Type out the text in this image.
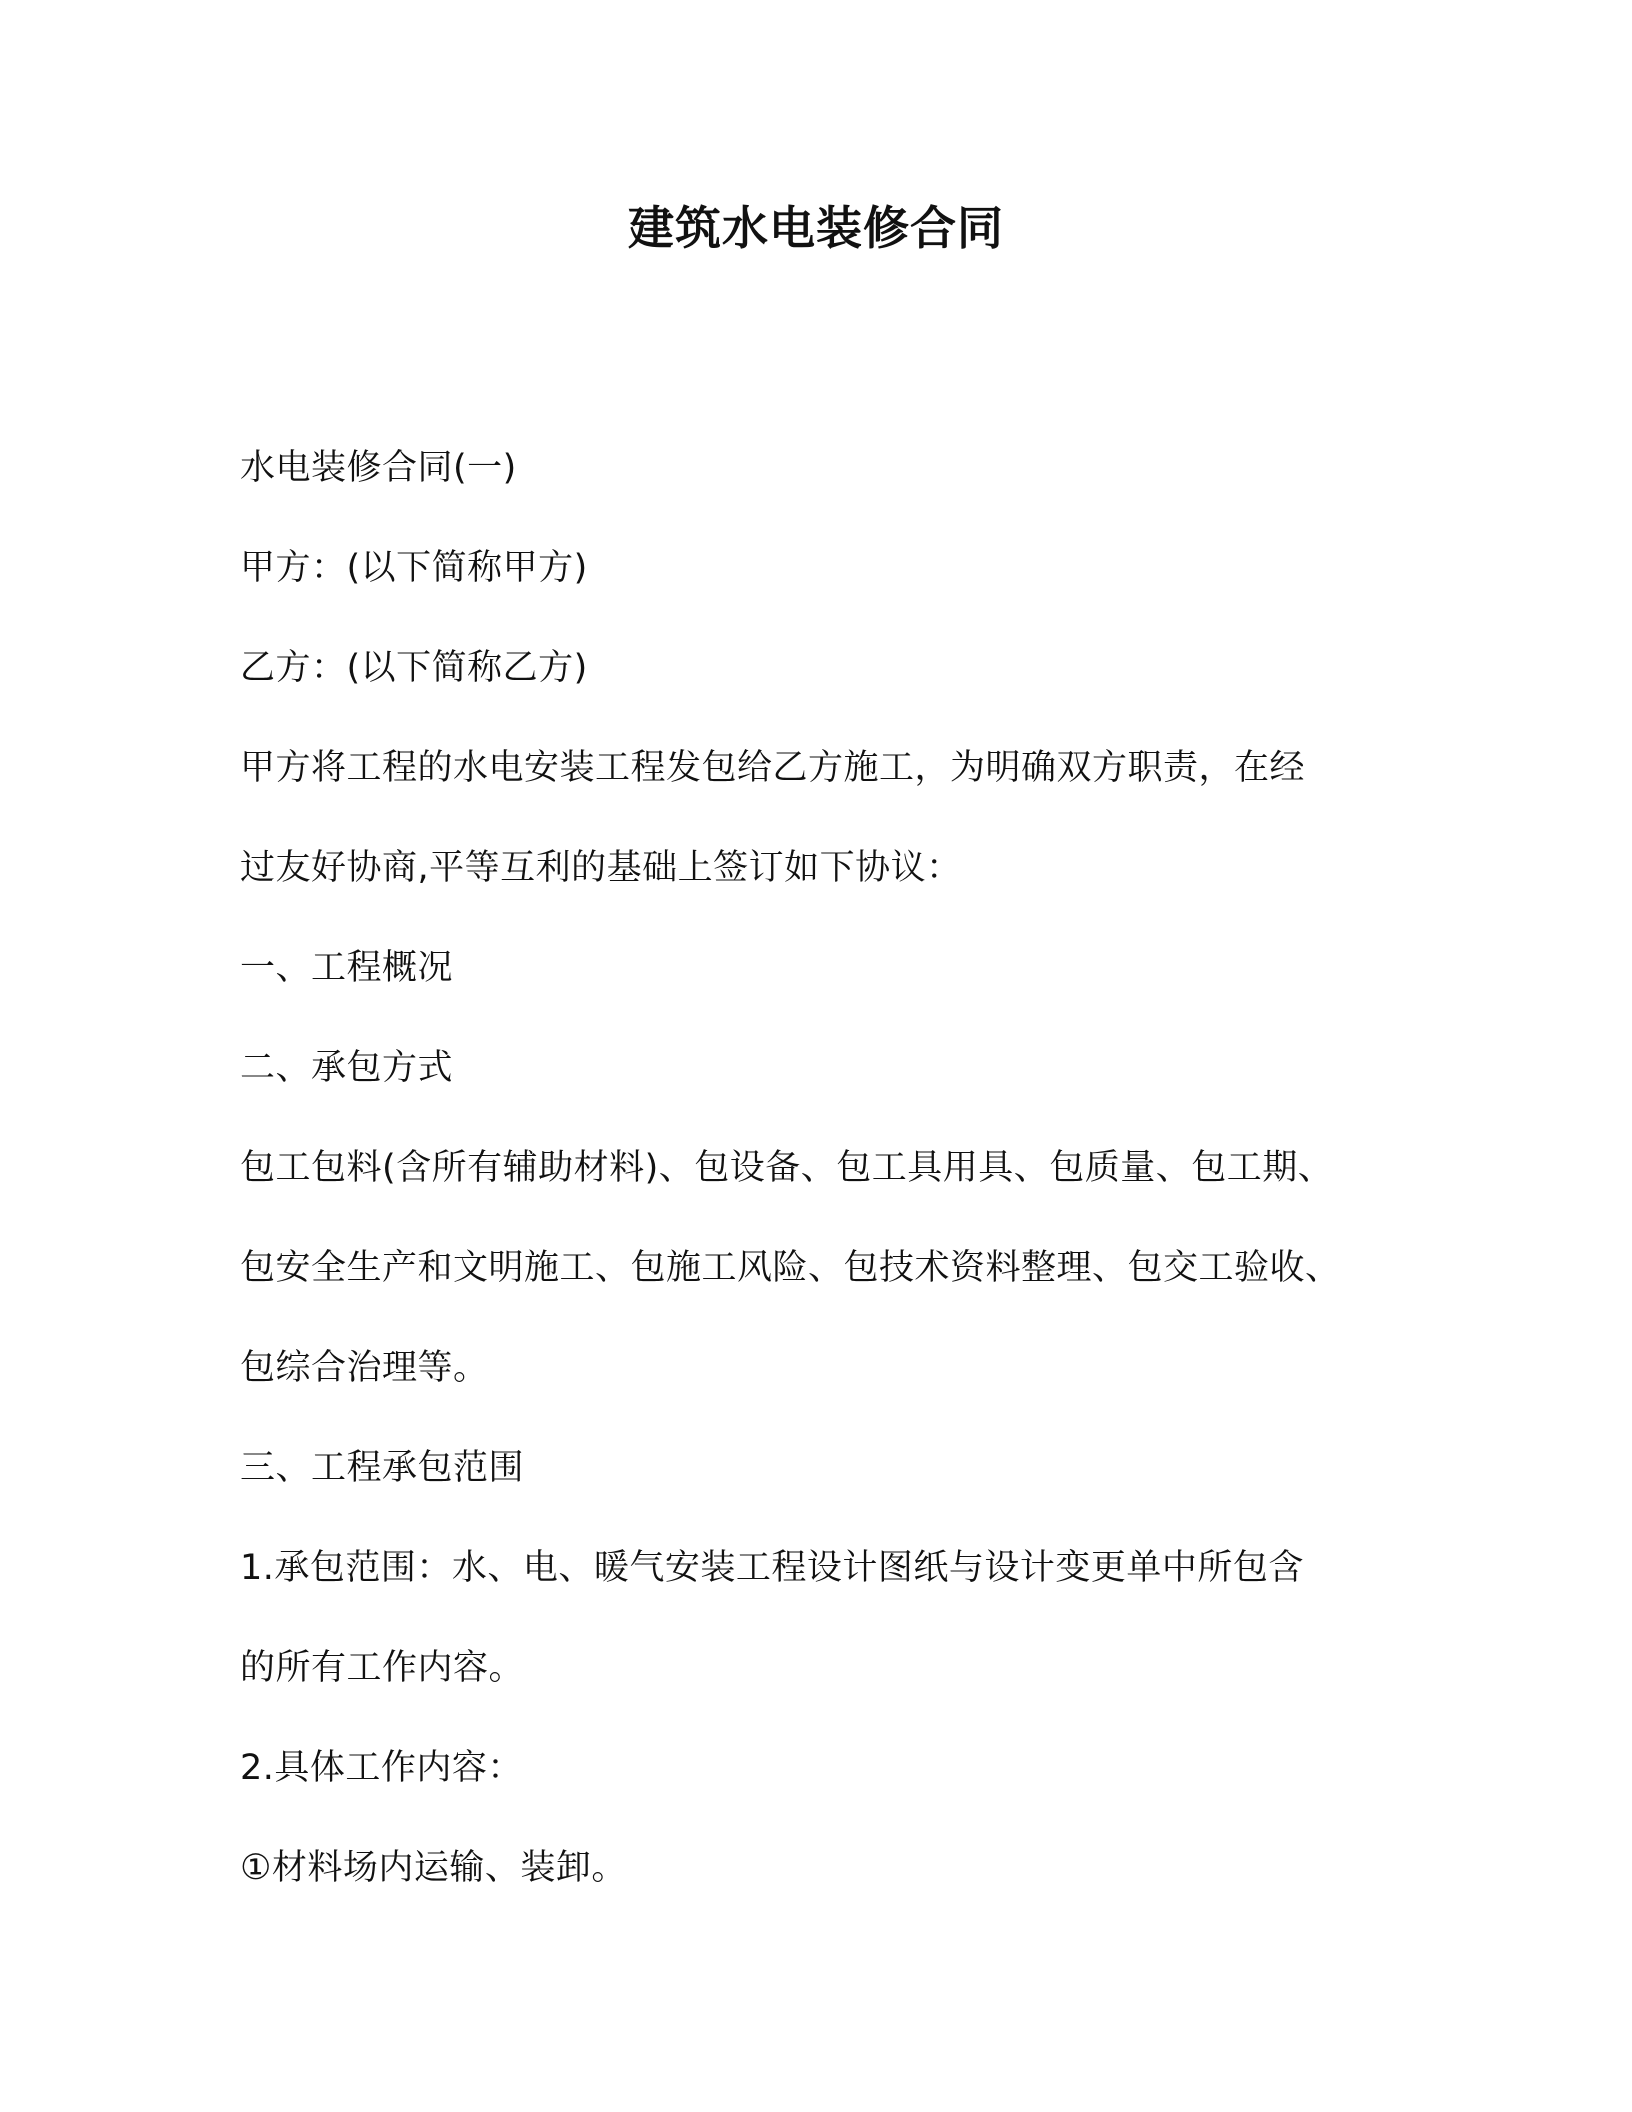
建筑水电装修合同
水电装修合同(一)
甲方：(以下简称甲方)
乙方：(以下简称乙方)
甲方将工程的水电安装工程发包给乙方施工，为明确双方职责，在经
过友好协商,平等互利的基础上签订如下协议：
一、工程概况
二、承包方式
包工包料(含所有辅助材料)、包设备、包工具用具、包质量、包工期、
包安全生产和文明施工、包施工风险、包技术资料整理、包交工验收、
包综合治理等。
三、工程承包范围
1.承包范围：水、电、暖气安装工程设计图纸与设计变更单中所包含
的所有工作内容。
2.具体工作内容：
①材料场内运输、装卸。
